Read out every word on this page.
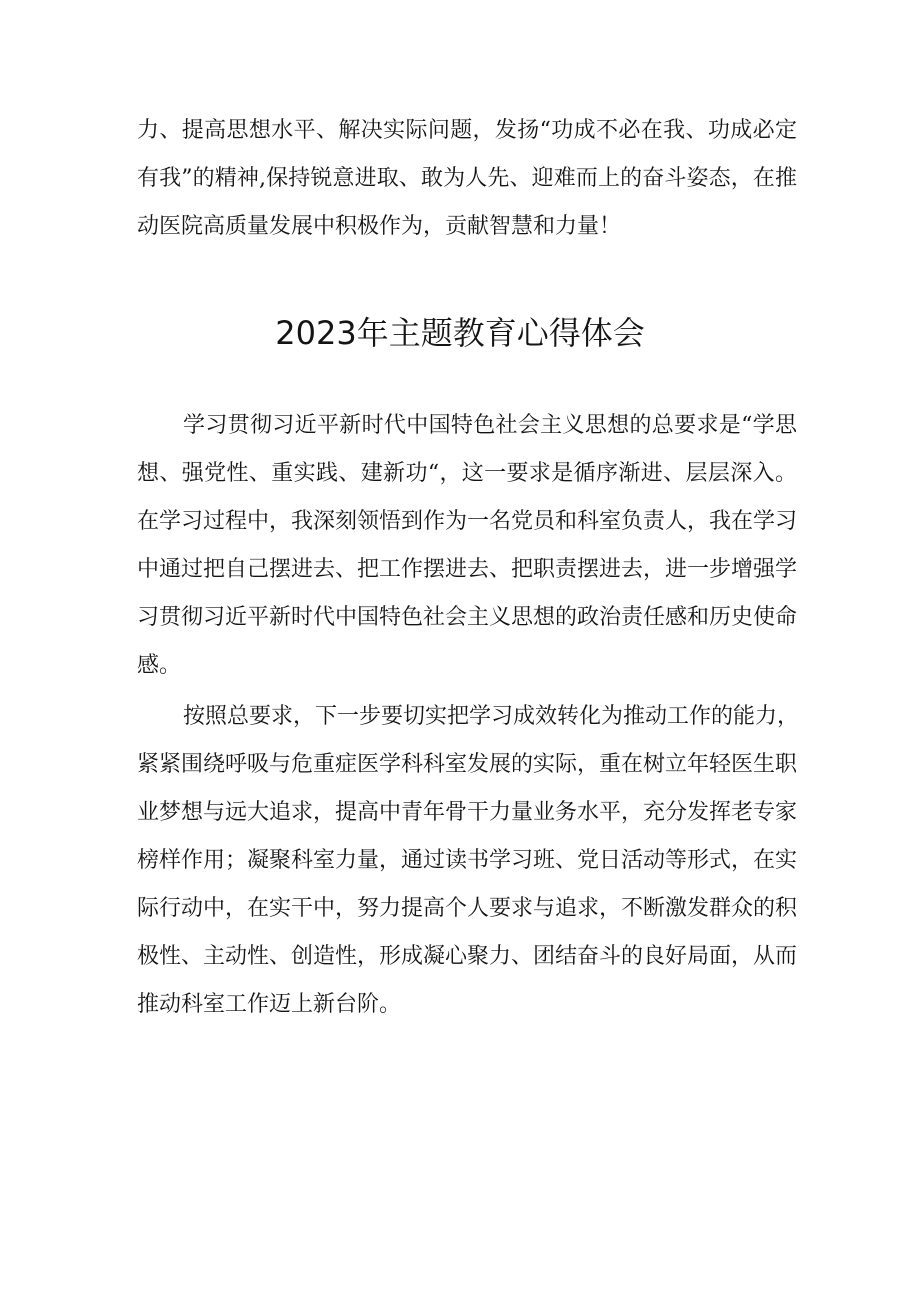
力、提高思想水平、解决实际问题，发扬“功成不必在我、功成必定
有我”的精神,保持锐意进取、敢为人先、迎难而上的奋斗姿态，在推
动医院高质量发展中积极作为，贡献智慧和力量！
2023年主题教育心得体会
学习贯彻习近平新时代中国特色社会主义思想的总要求是“学思
想、强党性、重实践、建新功“，这一要求是循序渐进、层层深入。
在学习过程中，我深刻领悟到作为一名党员和科室负责人，我在学习
中通过把自己摆进去、把工作摆进去、把职责摆进去，进一步增强学
习贯彻习近平新时代中国特色社会主义思想的政治责任感和历史使命
感。
按照总要求，下一步要切实把学习成效转化为推动工作的能力，
紧紧围绕呼吸与危重症医学科科室发展的实际，重在树立年轻医生职
业梦想与远大追求，提高中青年骨干力量业务水平，充分发挥老专家
榜样作用；凝聚科室力量，通过读书学习班、党日活动等形式，在实
际行动中，在实干中，努力提高个人要求与追求，不断激发群众的积
极性、主动性、创造性，形成凝心聚力、团结奋斗的良好局面，从而
推动科室工作迈上新台阶。
